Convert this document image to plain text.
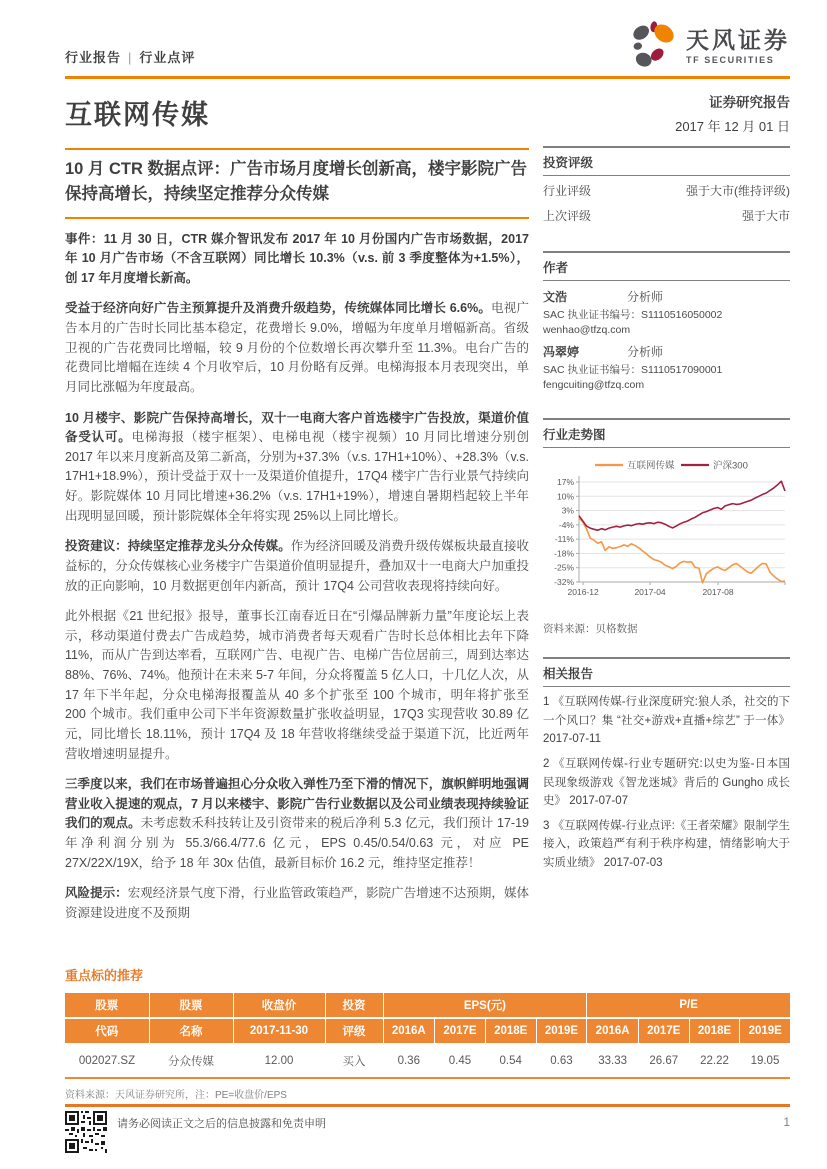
行业报告 | 行业点评
天风证券
TF SECURITIES
互联网传媒	证券研究报告
2017 年 12 月 01 日
10 月 CTR 数据点评：广告市场月度增长创新高，楼宇影院广告保持高增长，持续坚定推荐分众传媒

事件：11 月 30 日，CTR 媒介智讯发布 2017 年 10 月份国内广告市场数据，2017 年 10 月广告市场（不含互联网）同比增长 10.3%（v.s. 前 3 季度整体为+1.5%），创 17 年月度增长新高。

受益于经济向好广告主预算提升及消费升级趋势，传统媒体同比增长 6.6%。电视广告本月的广告时长同比基本稳定，花费增长 9.0%，增幅为年度单月增幅新高。省级卫视的广告花费同比增幅，较 9 月份的个位数增长再次攀升至 11.3%。电台广告的花费同比增幅在连续 4 个月收窄后，10 月份略有反弹。电梯海报本月表现突出，单月同比涨幅为年度最高。

10 月楼宇、影院广告保持高增长，双十一电商大客户首选楼宇广告投放，渠道价值备受认可。电梯海报（楼宇框架）、电梯电视（楼宇视频）10 月同比增速分别创 2017 年以来月度新高及第二新高，分别为+37.3%（v.s. 17H1+10%）、+28.3%（v.s. 17H1+18.9%），预计受益于双十一及渠道价值提升，17Q4 楼宇广告行业景气持续向好。影院媒体 10 月同比增速+36.2%（v.s. 17H1+19%），增速自暑期档起较上半年出现明显回暖，预计影院媒体全年将实现 25%以上同比增长。

投资建议：持续坚定推荐龙头分众传媒。作为经济回暖及消费升级传媒板块最直接收益标的，分众传媒核心业务楼宇广告渠道价值明显提升，叠加双十一电商大户加重投放的正向影响，10 月数据更创年内新高，预计 17Q4 公司营收表现将持续向好。

此外根据《21 世纪报》报导，董事长江南春近日在“引爆品牌新力量”年度论坛上表示，移动渠道付费去广告成趋势，城市消费者每天观看广告时长总体相比去年下降 11%，而从广告到达率看，互联网广告、电视广告、电梯广告位居前三，周到达率达 88%、76%、74%。他预计在未来 5-7 年间，分众将覆盖 5 亿人口，十几亿人次，从 17 年下半年起，分众电梯海报覆盖从 40 多个扩张至 100 个城市，明年将扩张至 200 个城市。我们重申公司下半年资源数量扩张收益明显，17Q3 实现营收 30.89 亿元，同比增长 18.11%，预计 17Q4 及 18 年营收将继续受益于渠道下沉，比近两年营收增速明显提升。

三季度以来，我们在市场普遍担心分众收入弹性乃至下滑的情况下，旗帜鲜明地强调营业收入提速的观点，7 月以来楼宇、影院广告行业数据以及公司业绩表现持续验证我们的观点。未考虑数禾科技转让及引资带来的税后净利 5.3 亿元，我们预计 17-19 年净利润分别为 55.3/66.4/77.6 亿元，EPS 0.45/0.54/0.63 元，对应 PE 27X/22X/19X，给予 18 年 30x 估值，最新目标价 16.2 元，维持坚定推荐！

风险提示：宏观经济景气度下滑，行业监管政策趋严，影院广告增速不达预期，媒体资源建设进度不及预期

投资评级
行业评级	强于大市(维持评级)
上次评级	强于大市
作者
文浩	分析师
SAC 执业证书编号：S1110516050002
wenhao@tfzq.com
冯翠婷	分析师
SAC 执业证书编号：S1110517090001
fengcuiting@tfzq.com
行业走势图
17%
10%
3%
-4%
-11%
-18%
-25%
-32%
2016-12	2017-04	2017-08
互联网传媒	沪深300
资料来源：贝格数据
相关报告

1 《互联网传媒-行业深度研究:狼人杀，社交的下一个风口？集 “社交+游戏+直播+综艺” 于一体》 2017-07-11

2 《互联网传媒-行业专题研究:以史为鉴-日本国民现象级游戏《智龙迷城》背后的 Gungho 成长史》 2017-07-07

3 《互联网传媒-行业点评:《王者荣耀》限制学生接入，政策趋严有利于秩序构建，情绪影响大于实质业绩》 2017-07-03

重点标的推荐
股票	股票	收盘价	投资	EPS(元)				P/E			
代码	名称	2017-11-30	评级	2016A	2017E	2018E	2019E	2016A	2017E	2018E	2019E
002027.SZ	分众传媒	12.00	买入	0.36	0.45	0.54	0.63	33.33	26.67	22.22	19.05
资料来源：天风证券研究所，注：PE=收盘价/EPS
请务必阅读正文之后的信息披露和免责申明	1
